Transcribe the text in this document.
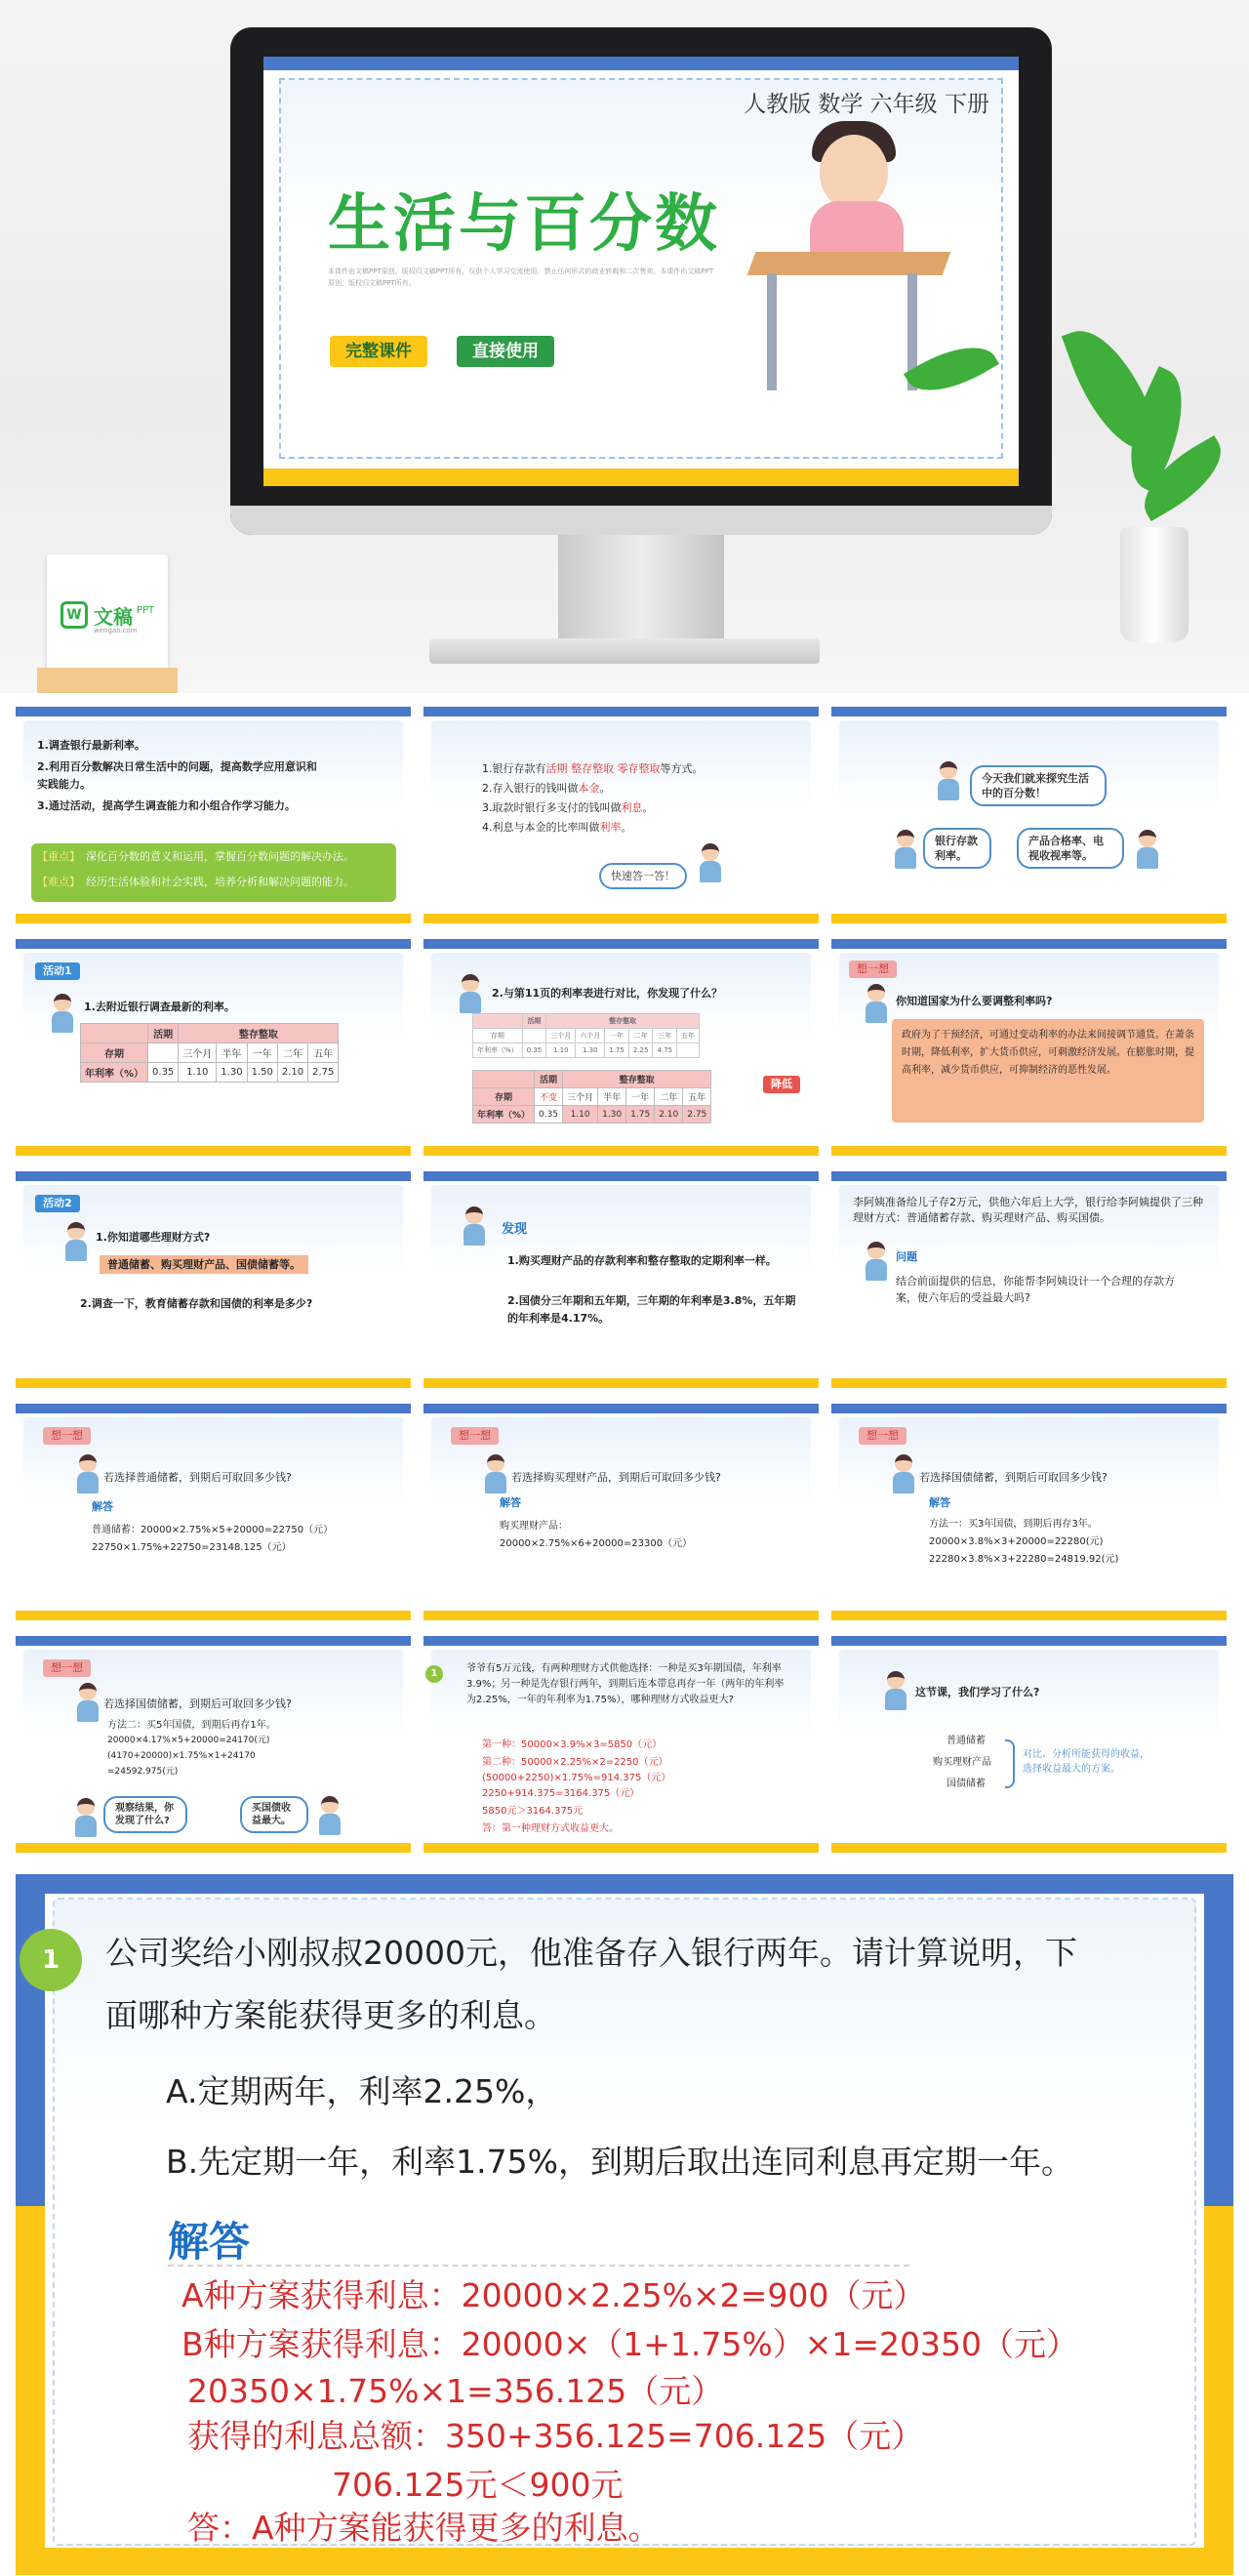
人教版 数学 六年级 下册
生活与百分数
本课件由文稿PPT原创，版权归文稿PPT所有，仅供个人学习交流使用，禁止任何形式的商业转载和二次售卖。本课件由文稿PPT原创，版权归文稿PPT所有。
完整课件	直接使用
W 文稿 PPT
wengao.com
1.调查银行最新利率。
2.利用百分数解决日常生活中的问题，提高数学应用意识和
实践能力。
3.通过活动，提高学生调查能力和小组合作学习能力。
【重点】 深化百分数的意义和运用，掌握百分数问题的解决办法。
【难点】 经历生活体验和社会实践，培养分析和解决问题的能力。
1.银行存款有活期 整存整取 零存整取等方式。
2.存入银行的钱叫做本金。
3.取款时银行多支付的钱叫做利息。
4.利息与本金的比率叫做利率。
快速答一答！
今天我们就来探究生活中的百分数！
银行存款利率。
产品合格率、电视收视率等。
活动1
1.去附近银行调查最新的利率。
	活期	整存整取				
存期		三个月	半年	一年	二年	五年
年利率（%）	0.35	1.10	1.30	1.50	2.10	2.75
2.与第11页的利率表进行对比，你发现了什么？
	活期	整存整取					
存期		三个月	六个月	一年	二年	三年	五年
年利率（%）	0.35	1.10	1.30	1.75	2.25	4.75	
	活期	整存整取				
存期	不变	三个月	半年	一年	二年	五年
年利率（%）	0.35	1.10	1.30	1.75	2.10	2.75
降低
想一想
你知道国家为什么要调整利率吗?
政府为了干预经济，可通过变动利率的办法来间接调节通货。在萧条时期，降低利率，扩大货币供应，可刺激经济发展。在膨胀时期，提高利率，减少货币供应，可抑制经济的恶性发展。
活动2
1.你知道哪些理财方式?
普通储蓄、购买理财产品、国债储蓄等。
2.调查一下，教育储蓄存款和国债的利率是多少?
发现
1.购买理财产品的存款利率和整存整取的定期利率一样。
2.国债分三年期和五年期，三年期的年利率是3.8%，五年期的年利率是4.17%。
李阿姨准备给儿子存2万元，供他六年后上大学，银行给李阿姨提供了三种理财方式：普通储蓄存款、购买理财产品、购买国债。
问题
结合前面提供的信息，你能帮李阿姨设计一个合理的存款方案，使六年后的受益最大吗?
想一想
若选择普通储蓄，到期后可取回多少钱?
解答
普通储蓄：20000×2.75%×5+20000=22750（元）
22750×1.75%+22750=23148.125（元）
想一想
若选择购买理财产品，到期后可取回多少钱?
解答
购买理财产品：
20000×2.75%×6+20000=23300（元）
想一想
若选择国债储蓄，到期后可取回多少钱?
解答
方法一：买3年国债，到期后再存3年。
20000×3.8%×3+20000=22280(元)
22280×3.8%×3+22280=24819.92(元)
想一想
若选择国债储蓄，到期后可取回多少钱?
方法二：买5年国债，到期后再存1年。
20000×4.17%×5+20000=24170(元)
(4170+20000)×1.75%×1+24170
=24592.975(元)
观察结果，你发现了什么?
买国债收益最大。
1	爷爷有5万元钱，有两种理财方式供他选择：一种是买3年期国债，年利率3.9%；另一种是先存银行两年，到期后连本带息再存一年（两年的年利率为2.25%，一年的年利率为1.75%），哪种理财方式收益更大?
第一种：50000×3.9%×3=5850（元）
第二种：50000×2.25%×2=2250（元）
(50000+2250)×1.75%=914.375（元）
2250+914.375=3164.375（元）
5850元＞3164.375元
答：第一种理财方式收益更大。
这节课，我们学习了什么?
普通储蓄
购买理财产品
国债储蓄
对比、分析所能获得的收益，选择收益最大的方案。
1	公司奖给小刚叔叔20000元，他准备存入银行两年。请计算说明，下
面哪种方案能获得更多的利息。
A.定期两年，利率2.25%，
B.先定期一年，利率1.75%，到期后取出连同利息再定期一年。
解答
A种方案获得利息：20000×2.25%×2=900（元）
B种方案获得利息：20000×（1+1.75%）×1=20350（元）
20350×1.75%×1=356.125（元）
获得的利息总额：350+356.125=706.125（元）
706.125元＜900元
答：A种方案能获得更多的利息。
